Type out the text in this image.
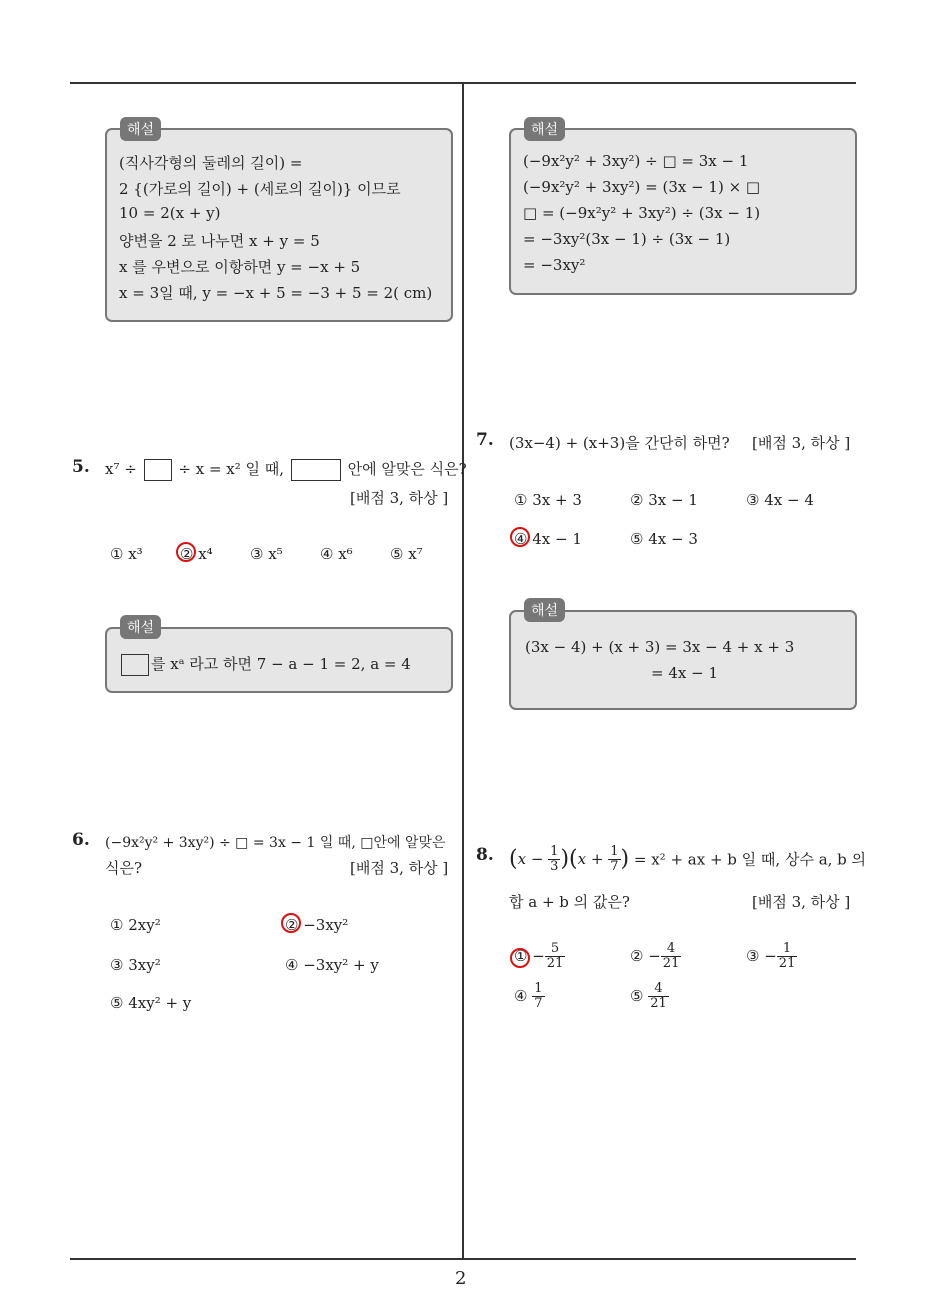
2
(직사각형의 둘레의 길이) =
2 {(가로의 길이) + (세로의 길이)} 이므로
10 = 2(x + y)
양변을 2 로 나누면 x + y = 5
x 를 우변으로 이항하면 y = −x + 5
x = 3일 때, y = −x + 5 = −3 + 5 = 2( cm)
해설
5. x⁷ ÷	÷ x = x² 일 때,	안에 알맞은 식은?
[배점 3, 하상 ]
① x³ ② x⁴ ③ x⁵ ④ x⁶ ⑤ x⁷
를 xᵃ 라고 하면 7 − a − 1 = 2, a = 4
해설
6. (−9x²y² + 3xy²) ÷ □ = 3x − 1 일 때, □안에 알맞은
식은?	[배점 3, 하상 ]
① 2xy²	② −3xy²
③ 3xy²	④ −3xy² + y
⑤ 4xy² + y
(−9x²y² + 3xy²) ÷ □ = 3x − 1
(−9x²y² + 3xy²) = (3x − 1) × □
□ = (−9x²y² + 3xy²) ÷ (3x − 1)
= −3xy²(3x − 1) ÷ (3x − 1)
= −3xy²
해설
7. (3x−4) + (x+3)을 간단히 하면? [배점 3, 하상 ]
① 3x + 3	② 3x − 1	③ 4x − 4
④ 4x − 1	⑤ 4x − 3
(3x − 4) + (x + 3) = 3x − 4 + x + 3
= 4x − 1
해설
8. $(x - \frac{1}{3} )(x + \frac{1}{7}$ ) = x² + ax + b 일 때, 상수 a, b 의
합 a + b 의 값은?	[배점 3, 하상 ]
① − $\frac{5}{21}$	② − $\frac{4}{21}$	③ − $\frac{1}{21}$
④ $\frac{1}{7}$	⑤ $\frac{4}{21}$
